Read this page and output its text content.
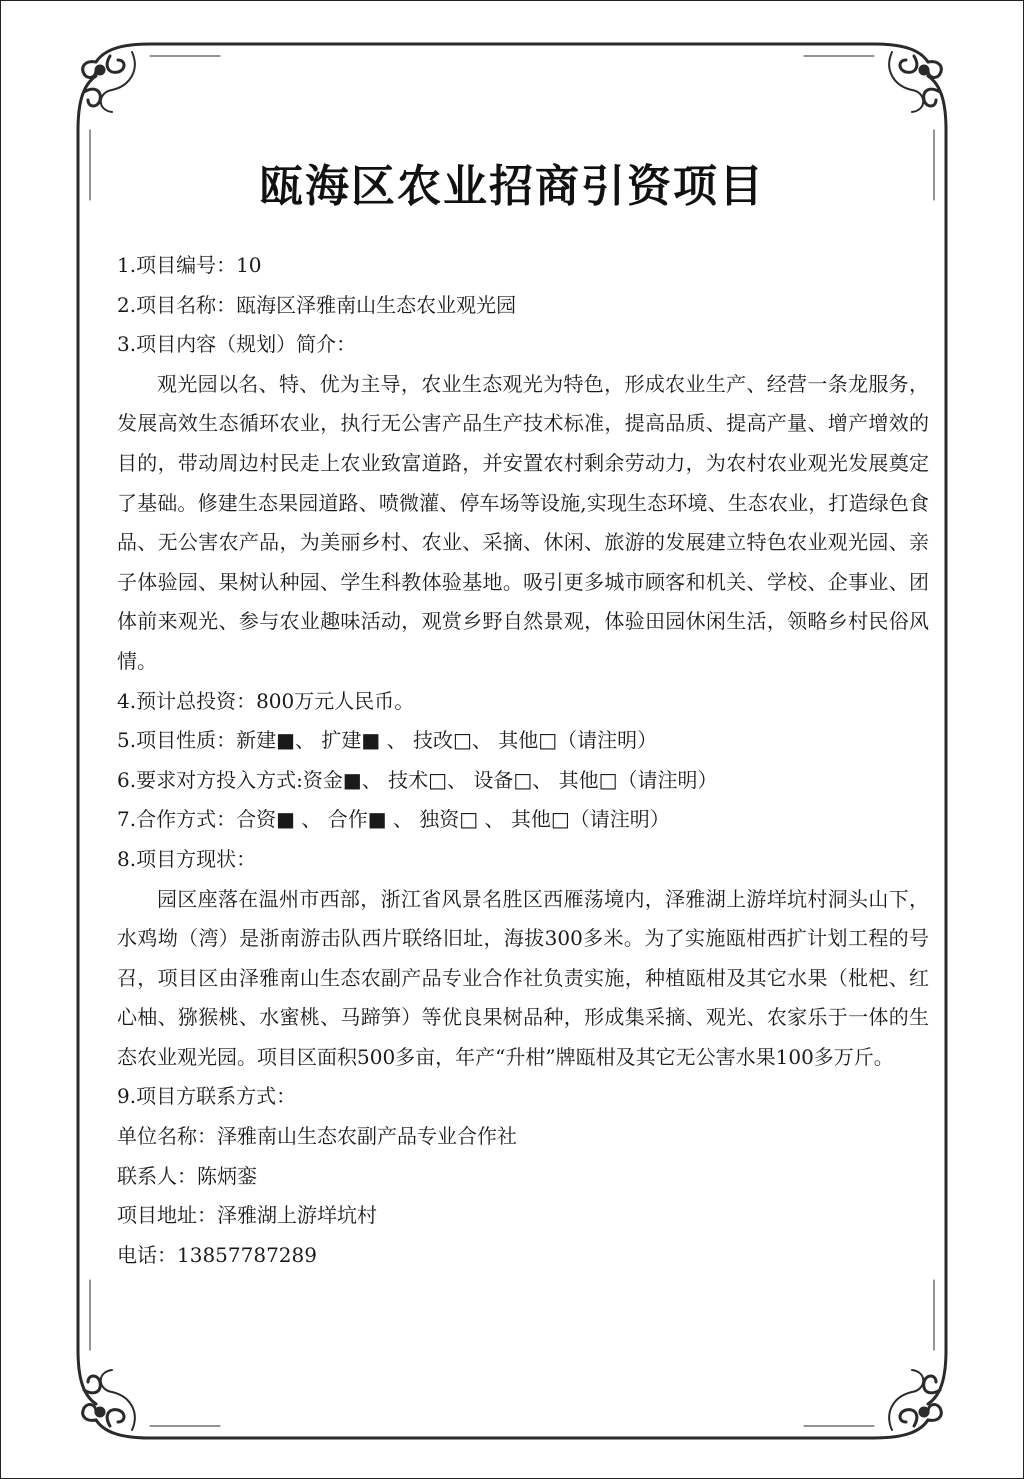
瓯海区农业招商引资项目
1.项目编号：10
2.项目名称：瓯海区泽雅南山生态农业观光园
3.项目内容（规划）简介：
观光园以名、特、优为主导，农业生态观光为特色，形成农业生产、经营一条龙服务，发展高效生态循环农业，执行无公害产品生产技术标准，提高品质、提高产量、增产增效的目的，带动周边村民走上农业致富道路，并安置农村剩余劳动力，为农村农业观光发展奠定了基础。修建生态果园道路、喷微灌、停车场等设施,实现生态环境、生态农业，打造绿色食品、无公害农产品，为美丽乡村、农业、采摘、休闲、旅游的发展建立特色农业观光园、亲子体验园、果树认种园、学生科教体验基地。吸引更多城市顾客和机关、学校、企事业、团体前来观光、参与农业趣味活动，观赏乡野自然景观，体验田园休闲生活，领略乡村民俗风情。
4.预计总投资：800万元人民币。
5.项目性质：新建■、 扩建■ 、 技改□、 其他□（请注明）
6.要求对方投入方式:资金■、 技术□、 设备□、 其他□（请注明）
7.合作方式：合资■ 、 合作■ 、 独资□ 、 其他□（请注明）
8.项目方现状：
园区座落在温州市西部，浙江省风景名胜区西雁荡境内，泽雅湖上游垟坑村洞头山下，水鸡坳（湾）是浙南游击队西片联络旧址，海拔300多米。为了实施瓯柑西扩计划工程的号召，项目区由泽雅南山生态农副产品专业合作社负责实施，种植瓯柑及其它水果（枇杷、红心柚、猕猴桃、水蜜桃、马蹄笋）等优良果树品种，形成集采摘、观光、农家乐于一体的生态农业观光园。项目区面积500多亩，年产“升柑”牌瓯柑及其它无公害水果100多万斤。
9.项目方联系方式：
单位名称：泽雅南山生态农副产品专业合作社
联系人：陈炳銮
项目地址：泽雅湖上游垟坑村
电话：13857787289
